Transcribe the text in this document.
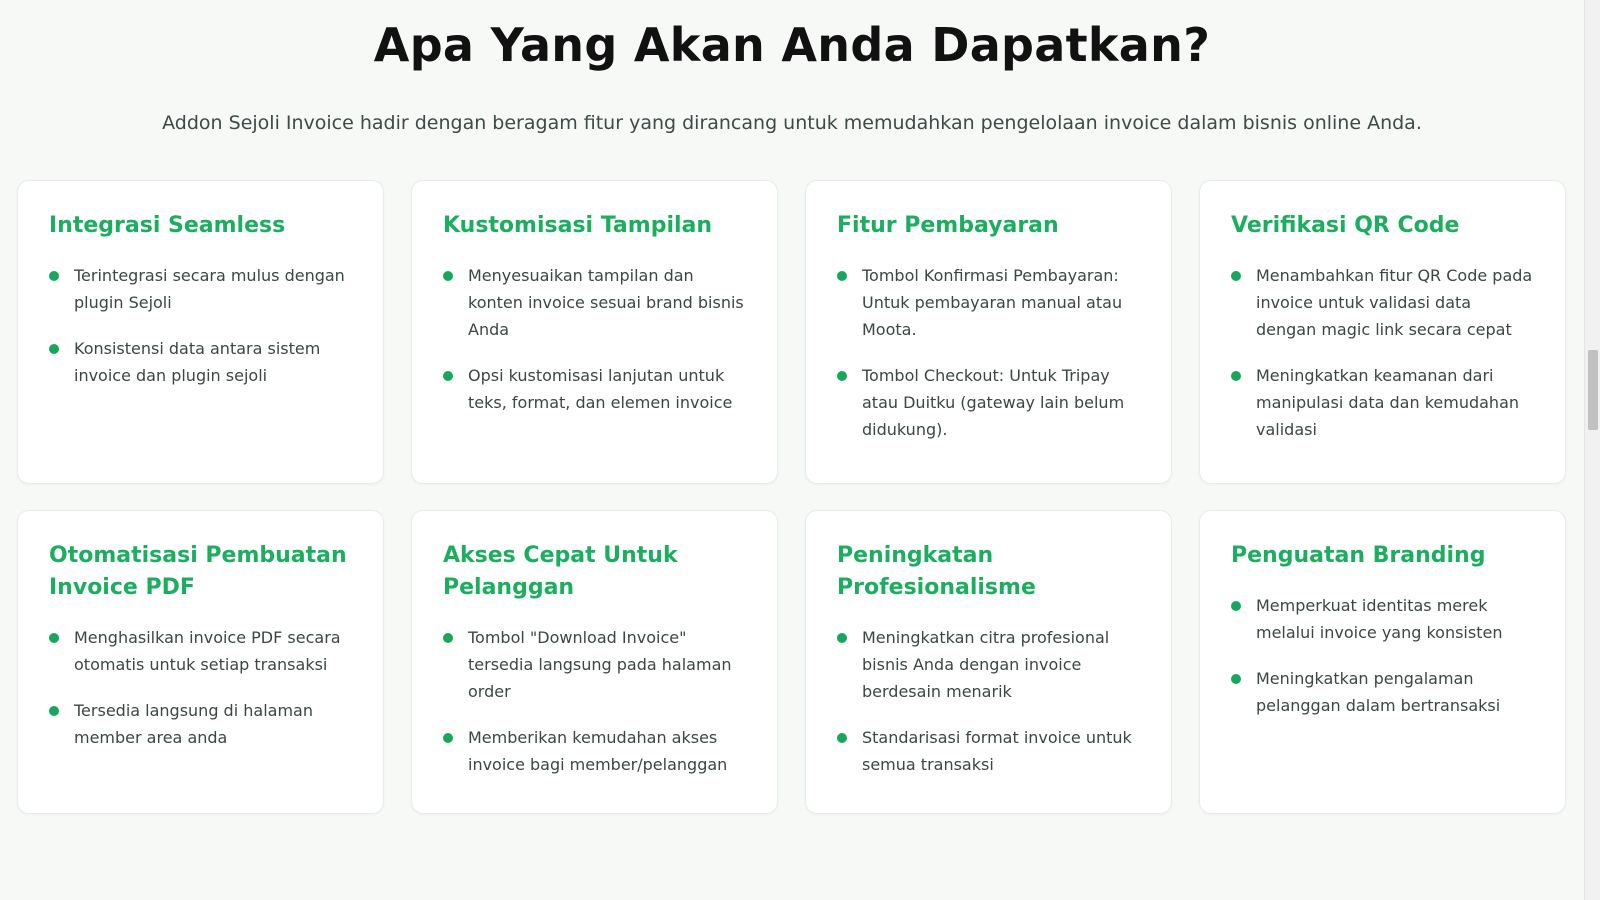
Apa Yang Akan Anda Dapatkan?

Addon Sejoli Invoice hadir dengan beragam fitur yang dirancang untuk memudahkan pengelolaan invoice dalam bisnis online Anda.

Integrasi Seamless
Terintegrasi secara mulus dengan plugin Sejoli
Konsistensi data antara sistem invoice dan plugin sejoli
Kustomisasi Tampilan
Menyesuaikan tampilan dan konten invoice sesuai brand bisnis Anda
Opsi kustomisasi lanjutan untuk teks, format, dan elemen invoice
Fitur Pembayaran
Tombol Konfirmasi Pembayaran: Untuk pembayaran manual atau Moota.
Tombol Checkout: Untuk Tripay atau Duitku (gateway lain belum didukung).
Verifikasi QR Code
Menambahkan fitur QR Code pada invoice untuk validasi data dengan magic link secara cepat
Meningkatkan keamanan dari manipulasi data dan kemudahan validasi
Otomatisasi Pembuatan Invoice PDF
Menghasilkan invoice PDF secara otomatis untuk setiap transaksi
Tersedia langsung di halaman member area anda
Akses Cepat Untuk Pelanggan
Tombol "Download Invoice" tersedia langsung pada halaman order
Memberikan kemudahan akses invoice bagi member/pelanggan
Peningkatan Profesionalisme
Meningkatkan citra profesional bisnis Anda dengan invoice berdesain menarik
Standarisasi format invoice untuk semua transaksi
Penguatan Branding
Memperkuat identitas merek melalui invoice yang konsisten
Meningkatkan pengalaman pelanggan dalam bertransaksi
